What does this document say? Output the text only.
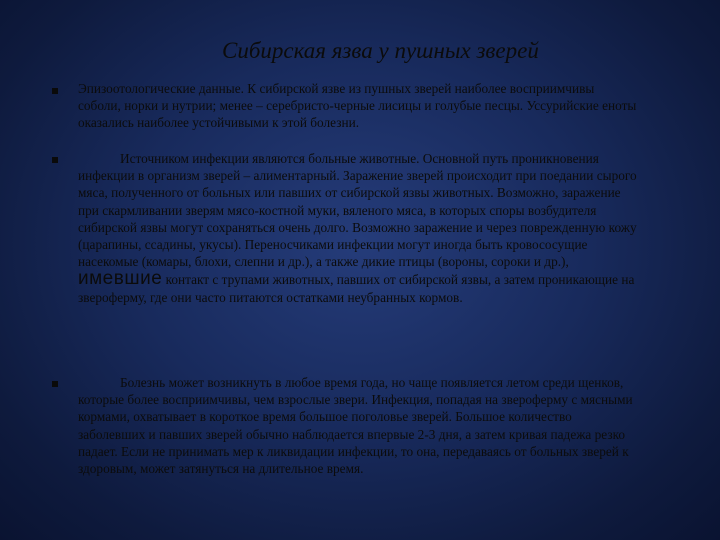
Сибирская язва у пушных зверей

Эпизоотологические данные. К сибирской язве из пушных зверей наиболее восприимчивы соболи, норки и нутрии; менее – серебристо-черные лисицы и голубые песцы. Уссурийские еноты оказались наиболее устойчивыми к этой болезни.

Источником инфекции являются больные животные. Основной путь проникновения инфекции в организм зверей – алиментарный. Заражение зверей происходит при поедании сырого мяса, полученного от больных или павших от сибирской язвы животных. Возможно, заражение при скармливании зверям мясо-костной муки, вяленого мяса, в которых споры возбудителя сибирской язвы могут сохраняться очень долго. Возможно заражение и через поврежденную кожу (царапины, ссадины, укусы). Переносчиками инфекции могут иногда быть кровососущие насекомые (комары, блохи, слепни и др.), а также дикие птицы (вороны, сороки и др.), имевшие контакт с трупами животных, павших от сибирской язвы, а затем проникающие на звероферму, где они часто питаются остатками неубранных кормов.

Болезнь может возникнуть в любое время года, но чаще появляется летом среди щенков, которые более восприимчивы, чем взрослые звери. Инфекция, попадая на звероферму с мясными кормами, охватывает в короткое время большое поголовье зверей. Большое количество заболевших и павших зверей обычно наблюдается впервые 2-3 дня, а затем кривая падежа резко падает. Если не принимать мер к ликвидации инфекции, то она, передаваясь от больных зверей к здоровым, может затянуться на длительное время.
